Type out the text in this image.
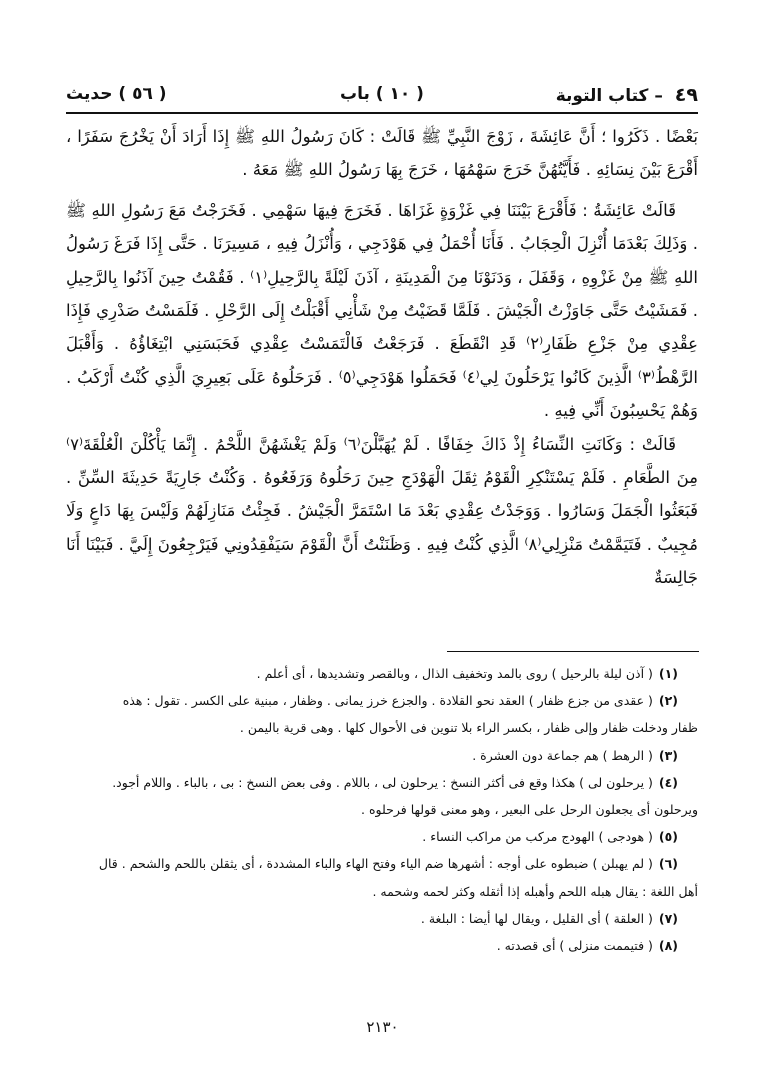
٤٩ – كتاب التوبة
( ١٠ ) باب
( ٥٦ ) حديث

بَعْضًا . ذَكَرُوا ؛ أَنَّ عَائِشَةَ ، زَوْجَ النَّبِيِّ ﷺ قَالَتْ : كَانَ رَسُولُ اللهِ ﷺ إِذَا أَرَادَ أَنْ يَخْرُجَ سَفَرًا ، أَقْرَعَ بَيْنَ نِسَائِهِ . فَأَيَّتُهُنَّ خَرَجَ سَهْمُهَا ، خَرَجَ بِهَا رَسُولُ اللهِ ﷺ مَعَهُ .

قَالَتْ عَائِشَةُ : فَأَقْرَعَ بَيْنَنَا فِي غَزْوَةٍ غَزَاهَا . فَخَرَجَ فِيهَا سَهْمِي . فَخَرَجْتُ مَعَ رَسُولِ اللهِ ﷺ . وَذَلِكَ بَعْدَمَا أُنْزِلَ الْحِجَابُ . فَأَنَا أُحْمَلُ فِي هَوْدَجِي ، وَأُنْزَلُ فِيهِ ، مَسِيرَنَا . حَتَّى إِذَا فَرَغَ رَسُولُ اللهِ ﷺ مِنْ غَزْوِهِ ، وَقَفَلَ ، وَدَنَوْنَا مِنَ الْمَدِينَةِ ، آذَنَ لَيْلَةً بِالرَّحِيلِ⁽١⁾ . فَقُمْتُ حِينَ آذَنُوا بِالرَّحِيلِ . فَمَشَيْتُ حَتَّى جَاوَزْتُ الْجَيْشَ . فَلَمَّا قَضَيْتُ مِنْ شَأْنِي أَقْبَلْتُ إِلَى الرَّحْلِ . فَلَمَسْتُ صَدْرِي فَإِذَا عِقْدِي مِنْ جَزْعِ ظَفَارِ⁽٢⁾ قَدِ انْقَطَعَ . فَرَجَعْتُ فَالْتَمَسْتُ عِقْدِي فَحَبَسَنِي ابْتِغَاؤُهُ . وَأَقْبَلَ الرَّهْطُ⁽٣⁾ الَّذِينَ كَانُوا يَرْحَلُونَ لِي⁽٤⁾ فَحَمَلُوا هَوْدَجِي⁽٥⁾ . فَرَحَلُوهُ عَلَى بَعِيرِيَ الَّذِي كُنْتُ أَرْكَبُ . وَهُمْ يَحْسِبُونَ أَنِّي فِيهِ .

قَالَتْ : وَكَانَتِ النِّسَاءُ إِذْ ذَاكَ خِفَافًا . لَمْ يُهَبَّلْنَ⁽٦⁾ وَلَمْ يَغْشَهُنَّ اللَّحْمُ . إِنَّمَا يَأْكُلْنَ الْعُلْقَةَ⁽٧⁾ مِنَ الطَّعَامِ . فَلَمْ يَسْتَنْكِرِ الْقَوْمُ ثِقَلَ الْهَوْدَجِ حِينَ رَحَلُوهُ وَرَفَعُوهُ . وَكُنْتُ جَارِيَةً حَدِيثَةَ السِّنِّ . فَبَعَثُوا الْجَمَلَ وَسَارُوا . وَوَجَدْتُ عِقْدِي بَعْدَ مَا اسْتَمَرَّ الْجَيْشُ . فَجِئْتُ مَنَازِلَهُمْ وَلَيْسَ بِهَا دَاعٍ وَلَا مُجِيبٌ . فَتَيَمَّمْتُ مَنْزِلِي⁽٨⁾ الَّذِي كُنْتُ فِيهِ . وَظَنَنْتُ أَنَّ الْقَوْمَ سَيَفْقِدُونِي فَيَرْجِعُونَ إِلَيَّ . فَبَيْنَا أَنَا جَالِسَةٌ

(١)( آذن ليلة بالرحيل ) روى بالمد وتخفيف الذال ، وبالقصر وتشديدها ، أى أعلم .

(٢)( عقدى من جزع ظفار ) العقد نحو القلادة . والجزع خرز يمانى . وظفار ، مبنية على الكسر . تقول : هذه

ظفار ودخلت ظفار وإلى ظفار ، بكسر الراء بلا تنوين فى الأحوال كلها . وهى قرية باليمن .

(٣)( الرهط ) هم جماعة دون العشرة .

(٤)( يرحلون لى ) هكذا وقع فى أكثر النسخ : يرحلون لى ، باللام . وفى بعض النسخ : بى ، بالباء . واللام أجود.

ويرحلون أى يجعلون الرحل على البعير ، وهو معنى قولها فرحلوه .

(٥)( هودجى ) الهودج مركب من مراكب النساء .

(٦)( لم يهبلن ) ضبطوه على أوجه : أشهرها ضم الياء وفتح الهاء والباء المشددة ، أى يثقلن باللحم والشحم . قال

أهل اللغة : يقال هبله اللحم وأهبله إذا أثقله وكثر لحمه وشحمه .

(٧)( العلقة ) أى القليل ، ويقال لها أيضا : البلغة .

(٨)( فتيممت منزلى ) أى قصدته .

٢١٣٠
